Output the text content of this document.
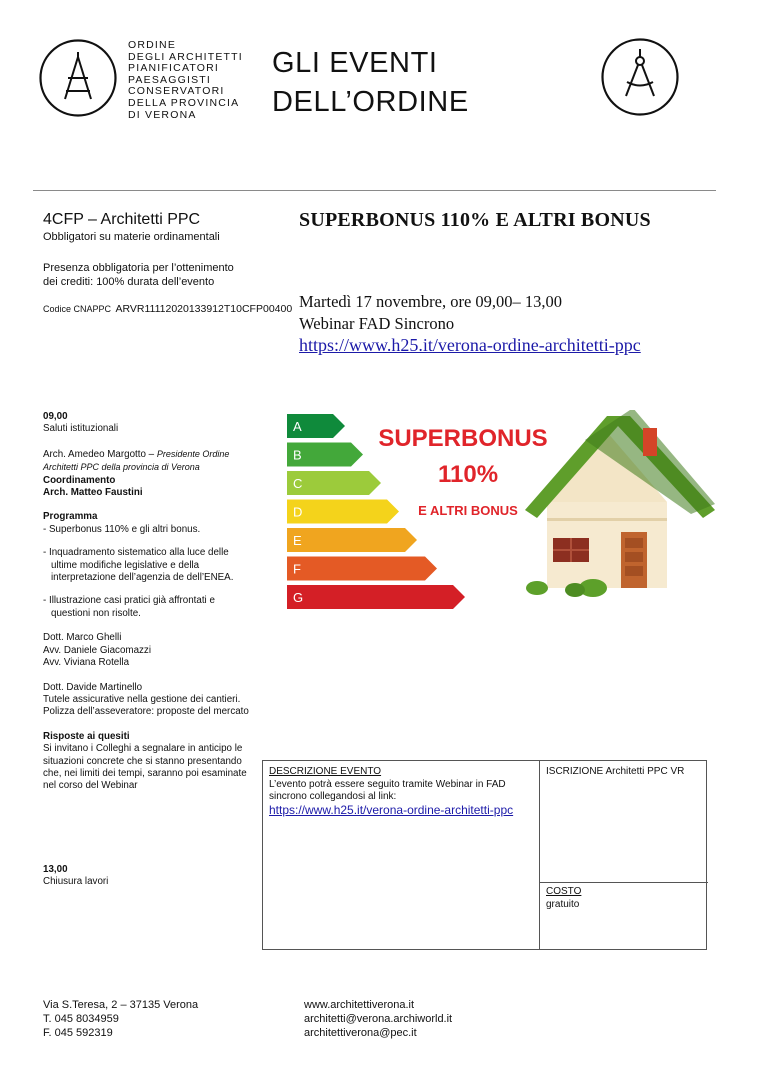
ORDINE
DEGLI ARCHITETTI
PIANIFICATORI
PAESAGGISTI
CONSERVATORI
DELLA PROVINCIA
DI VERONA
GLI EVENTI
DELL’ORDINE
4CFP – Architetti PPC
Obbligatori su materie ordinamentali
Presenza obbligatoria per l’ottenimento
dei crediti: 100% durata dell’evento
Codice CNAPPC ARVR11112020133912T10CFP00400
SUPERBONUS 110% E ALTRI BONUS
Martedì 17 novembre, ore 09,00– 13,00
Webinar FAD Sincrono
https://www.h25.it/verona-ordine-architetti-ppc
A
B
C
D
E
F
G
SUPERBONUS
110%
E ALTRI BONUS
09,00
Saluti istituzionali
Arch. Amedeo Margotto – Presidente Ordine
Architetti PPC della provincia di Verona
Coordinamento
Arch. Matteo Faustini
Programma
- Superbonus 110% e gli altri bonus.
- Inquadramento sistematico alla luce delle
ultime modifiche legislative e della
interpretazione dell’agenzia de dell’ENEA.
- Illustrazione casi pratici già affrontati e
questioni non risolte.
Dott. Marco Ghelli
Avv. Daniele Giacomazzi
Avv. Viviana Rotella
Dott. Davide Martinello
Tutele assicurative nella gestione dei cantieri.
Polizza dell’asseveratore: proposte del mercato
Risposte ai quesiti
Si invitano i Colleghi a segnalare in anticipo le
situazioni concrete che si stanno presentando
che, nei limiti dei tempi, saranno poi esaminate
nel corso del Webinar
13,00
Chiusura lavori
DESCRIZIONE EVENTO
L’evento potrà essere seguito tramite Webinar in FAD
sincrono collegandosi al link:
https://www.h25.it/verona-ordine-architetti-ppc
ISCRIZIONE Architetti PPC VR
COSTO
gratuito
Via S.Teresa, 2 – 37135 Verona
T. 045 8034959
F. 045 592319
www.architettiverona.it
architetti@verona.archiworld.it
architettiverona@pec.it
